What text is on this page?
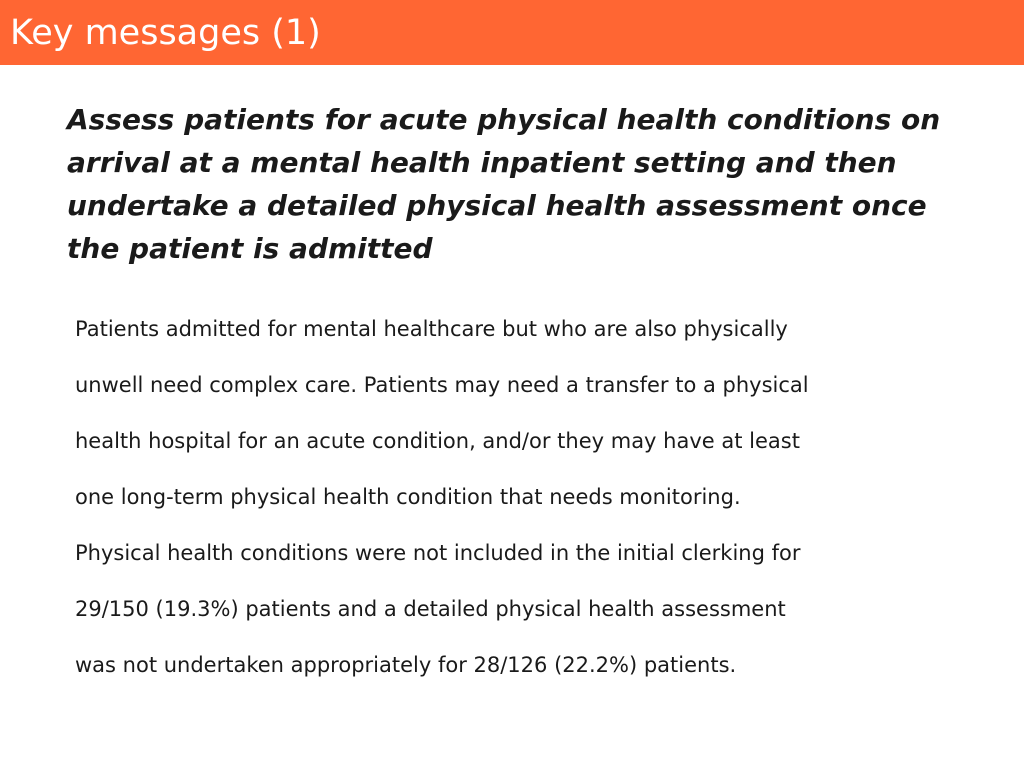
Key messages (1)

Assess patients for acute physical health conditions on
arrival at a mental health inpatient setting and then
undertake a detailed physical health assessment once
the patient is admitted

Patients admitted for mental healthcare but who are also physically
unwell need complex care. Patients may need a transfer to a physical
health hospital for an acute condition, and/or they may have at least
one long-term physical health condition that needs monitoring.
Physical health conditions were not included in the initial clerking for
29/150 (19.3%) patients and a detailed physical health assessment
was not undertaken appropriately for 28/126 (22.2%) patients.
